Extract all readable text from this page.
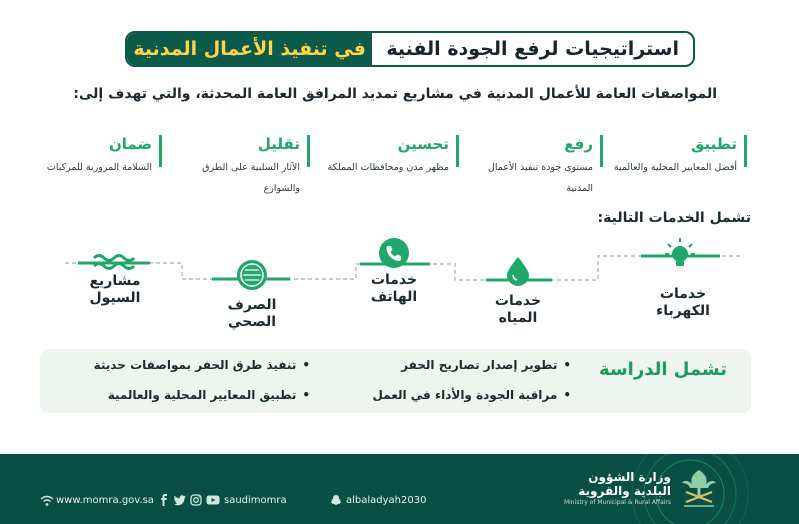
استراتيجيات لرفع الجودة الفنية
في تنفيذ الأعمال المدنية
المواصفات العامة للأعمال المدنية في مشاريع تمديد المرافق العامة المحدثة، والتي تهدف إلى:
تطبيق
أفضل المعايير المحلية والعالمية
رفع
مستوى جودة تنفيذ الأعمال المدنية
تحسين
مظهر مدن ومحافظات المملكة
تقليل
الآثار السلبية على الطرق والشوارع
ضمان
السلامة المرورية للمركبات
تشمل الخدمات التالية:
خدمات
الكهرباء
خدمات
المياه
خدمات
الهاتف
الصرف
الصحي
مشاريع
السيول
تشمل الدراسة
•تطوير إصدار تصاريح الحفر
•مراقبة الجودة والأداء في العمل
•تنفيذ طرق الحفر بمواصفات حديثة
•تطبيق المعايير المحلية والعالمية
www.momra.gov.sa	saudimomra	albaladyah2030
وزارة الشؤون
البلدية والقروية
Ministry of Municipal & Rural Affairs
